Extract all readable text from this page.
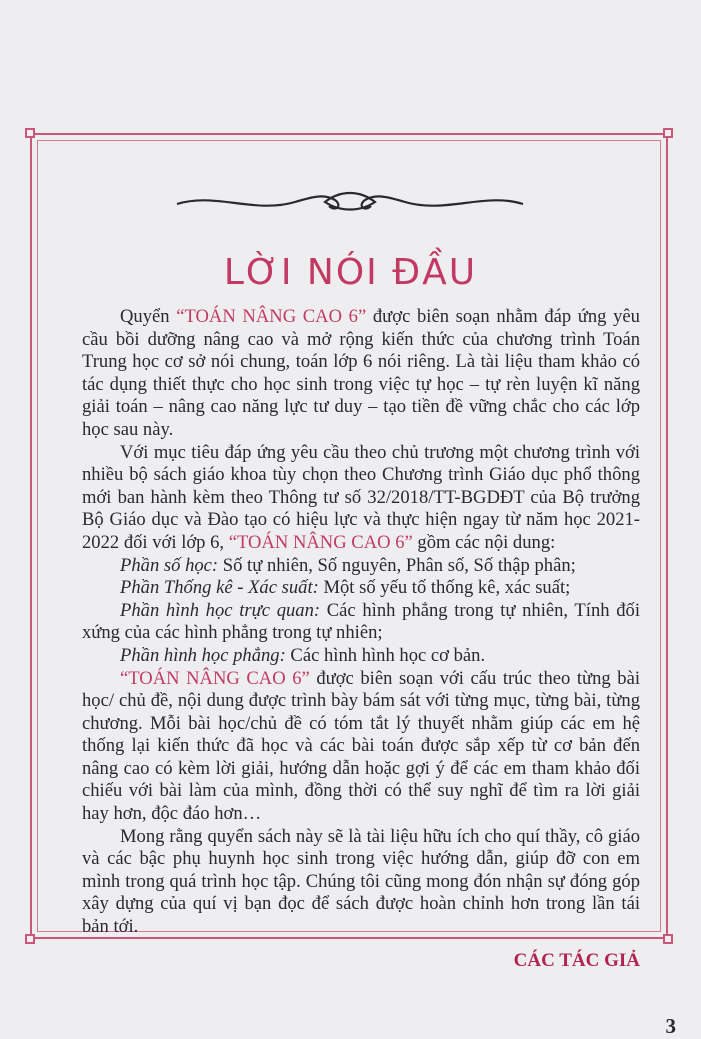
LỜI NÓI ĐẦU

Quyển “TOÁN NÂNG CAO 6” được biên soạn nhằm đáp ứng yêu cầu bồi dưỡng nâng cao và mở rộng kiến thức của chương trình Toán Trung học cơ sở nói chung, toán lớp 6 nói riêng. Là tài liệu tham khảo có tác dụng thiết thực cho học sinh trong việc tự học – tự rèn luyện kĩ năng giải toán – nâng cao năng lực tư duy – tạo tiền đề vững chắc cho các lớp học sau này.

Với mục tiêu đáp ứng yêu cầu theo chủ trương một chương trình với nhiều bộ sách giáo khoa tùy chọn theo Chương trình Giáo dục phổ thông mới ban hành kèm theo Thông tư số 32/2018/TT-BGDĐT của Bộ trưởng Bộ Giáo dục và Đào tạo có hiệu lực và thực hiện ngay từ năm học 2021-2022 đối với lớp 6, “TOÁN NÂNG CAO 6” gồm các nội dung:

Phần số học: Số tự nhiên, Số nguyên, Phân số, Số thập phân;

Phần Thống kê - Xác suất: Một số yếu tố thống kê, xác suất;

Phần hình học trực quan: Các hình phẳng trong tự nhiên, Tính đối xứng của các hình phẳng trong tự nhiên;

Phần hình học phẳng: Các hình hình học cơ bản.

“TOÁN NÂNG CAO 6” được biên soạn với cấu trúc theo từng bài học/ chủ đề, nội dung được trình bày bám sát với từng mục, từng bài, từng chương. Mỗi bài học/chủ đề có tóm tắt lý thuyết nhằm giúp các em hệ thống lại kiến thức đã học và các bài toán được sắp xếp từ cơ bản đến nâng cao có kèm lời giải, hướng dẫn hoặc gợi ý để các em tham khảo đối chiếu với bài làm của mình, đồng thời có thể suy nghĩ để tìm ra lời giải hay hơn, độc đáo hơn…

Mong rằng quyển sách này sẽ là tài liệu hữu ích cho quí thầy, cô giáo và các bậc phụ huynh học sinh trong việc hướng dẫn, giúp đỡ con em mình trong quá trình học tập. Chúng tôi cũng mong đón nhận sự đóng góp xây dựng của quí vị bạn đọc để sách được hoàn chỉnh hơn trong lần tái bản tới.

CÁC TÁC GIẢ
3
